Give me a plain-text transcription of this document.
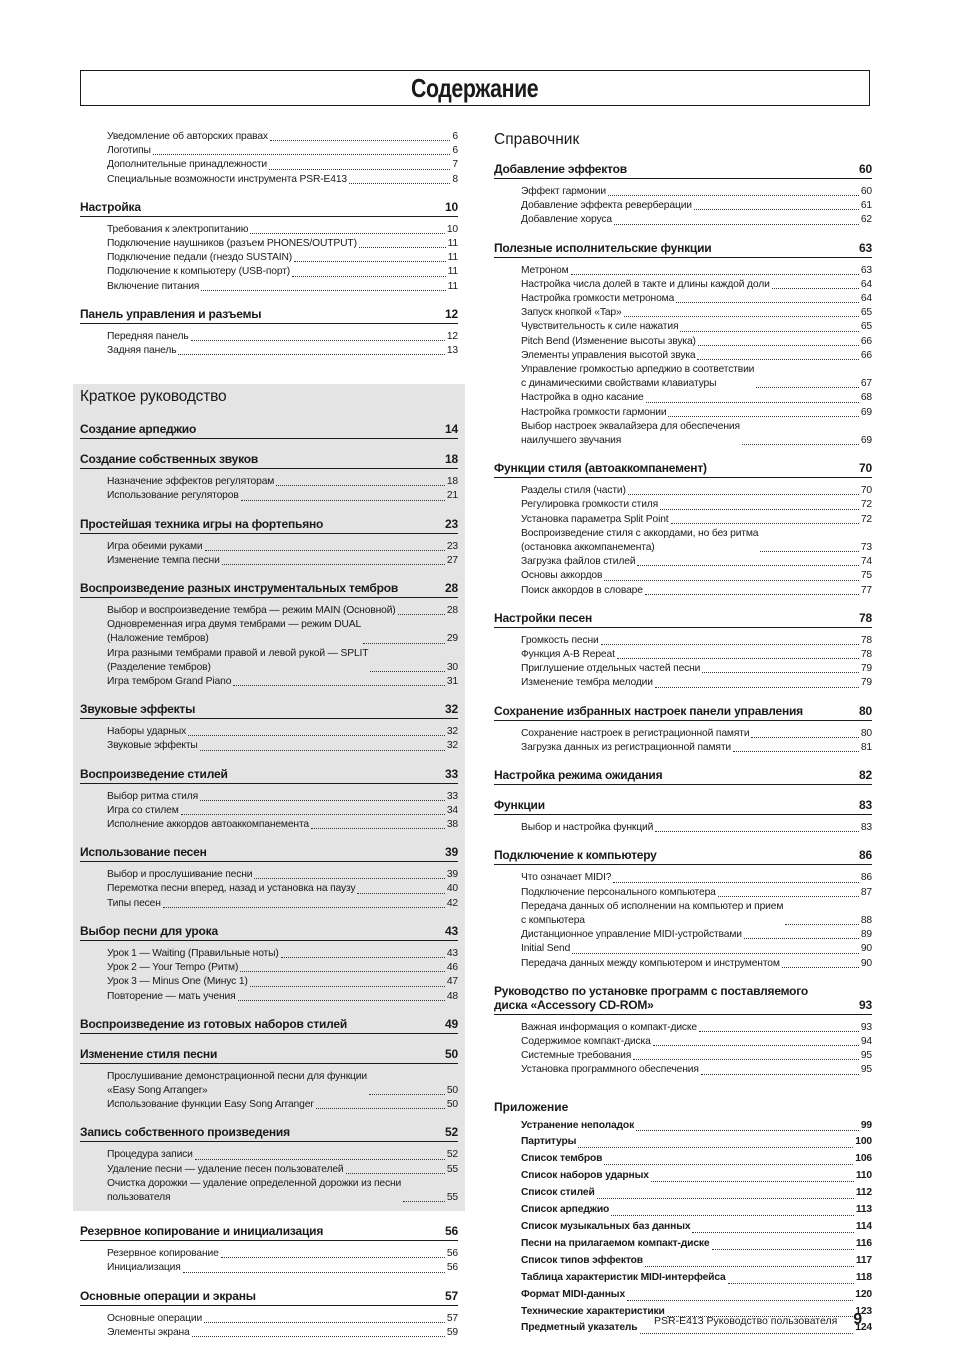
Содержание
Уведомление об авторских правах	6
Логотипы	6
Дополнительные принадлежности	7
Специальные возможности инструмента PSR-E413	8
Настройка	10
Требования к электропитанию	10
Подключение наушников (разъем PHONES/OUTPUT)	11
Подключение педали (гнездо SUSTAIN)	11
Подключение к компьютеру (USB-порт)	11
Включение питания	11
Панель управления и разъемы	12
Передняя панель	12
Задняя панель	13
Краткое руководство
Создание арпеджио	14
Создание собственных звуков	18
Назначение эффектов регуляторам	18
Использование регуляторов	21
Простейшая техника игры на фортепьяно	23
Игра обеими руками	23
Изменение темпа песни	27
Воспроизведение разных инструментальных тембров	28
Выбор и воспроизведение тембра — режим MAIN (Основной)	28
Одновременная игра двумя тембрами — режим DUAL
(Наложение тембров)	29
Игра разными тембрами правой и левой рукой — SPLIT
(Разделение тембров)	30
Игра тембром Grand Piano	31
Звуковые эффекты	32
Наборы ударных	32
Звуковые эффекты	32
Воспроизведение стилей	33
Выбор ритма стиля	33
Игра со стилем	34
Исполнение аккордов автоаккомпанемента	38
Использование песен	39
Выбор и прослушивание песни	39
Перемотка песни вперед, назад и установка на паузу	40
Типы песен	42
Выбор песни для урока	43
Урок 1 — Waiting (Правильные ноты)	43
Урок 2 — Your Tempo (Ритм)	46
Урок 3 — Minus One (Минус 1)	47
Повторение — мать учения	48
Воспроизведение из готовых наборов стилей	49
Изменение стиля песни	50
Прослушивание демонстрационной песни для функции
«Easy Song Arranger»	50
Использование функции Easy Song Arranger	50
Запись собственного произведения	52
Процедура записи	52
Удаление песни — удаление песен пользователей	55
Очистка дорожки — удаление определенной дорожки из песни
пользователя	55
Резервное копирование и инициализация	56
Резервное копирование	56
Инициализация	56
Основные операции и экраны	57
Основные операции	57
Элементы экрана	59
Справочник
Добавление эффектов	60
Эффект гармонии	60
Добавление эффекта реверберации	61
Добавление хоруса	62
Полезные исполнительские функции	63
Метроном	63
Настройка числа долей в такте и длины каждой доли	64
Настройка громкости метронома	64
Запуск кнопкой «Tap»	65
Чувствительность к силе нажатия	65
Pitch Bend (Изменение высоты звука)	66
Элементы управления высотой звука	66
Управление громкостью арпеджио в соответствии
с динамическими свойствами клавиатуры	67
Настройка в одно касание	68
Настройка громкости гармонии	69
Выбор настроек эквалайзера для обеспечения
наилучшего звучания	69
Функции стиля (автоаккомпанемент)	70
Разделы стиля (части)	70
Регулировка громкости стиля	72
Установка параметра Split Point	72
Воспроизведение стиля с аккордами, но без ритма
(остановка аккомпанемента)	73
Загрузка файлов стилей	74
Основы аккордов	75
Поиск аккордов в словаре	77
Настройки песен	78
Громкость песни	78
Функция A-B Repeat	78
Приглушение отдельных частей песни	79
Изменение тембра мелодии	79
Сохранение избранных настроек панели управления	80
Сохранение настроек в регистрационной памяти	80
Загрузка данных из регистрационной памяти	81
Настройка режима ожидания	82
Функции	83
Выбор и настройка функций	83
Подключение к компьютеру	86
Что означает MIDI?	86
Подключение персонального компьютера	87
Передача данных об исполнении на компьютер и прием
с компьютера	88
Дистанционное управление MIDI-устройствами	89
Initial Send	90
Передача данных между компьютером и инструментом	90
Руководство по установке программ с поставляемого
диска «Accessory CD-ROM»	93
Важная информация о компакт-диске	93
Содержимое компакт-диска	94
Системные требования	95
Установка программного обеспечения	95
Приложение
Устранение неполадок	99
Партитуры	100
Список тембров	106
Список наборов ударных	110
Список стилей	112
Список арпеджио	113
Список музыкальных баз данных	114
Песни на прилагаемом компакт-диске	116
Список типов эффектов	117
Таблица характеристик MIDI-интерфейса	118
Формат MIDI-данных	120
Технические характеристики	123
Предметный указатель	124
PSR-E413 Руководство пользователя 9
